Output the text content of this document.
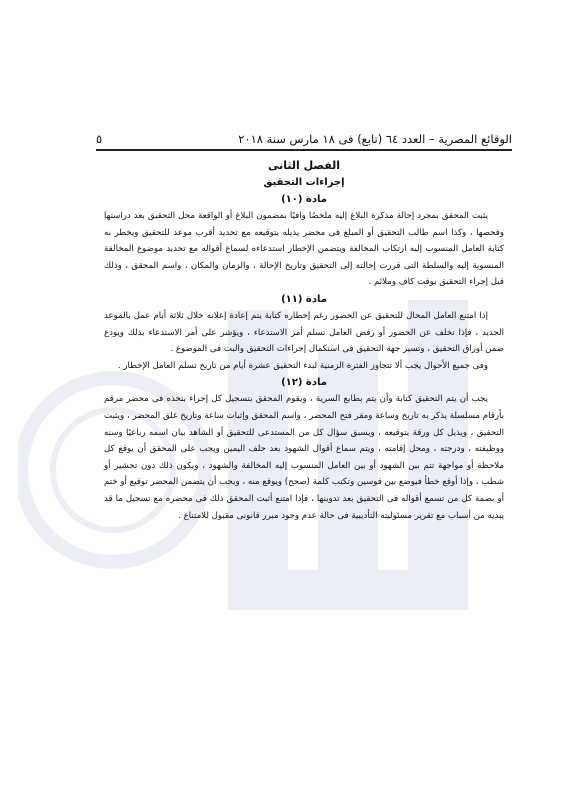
الوقائع المصرية – العدد ٦٤ (تابع) فى ١٨ مارس سنة ٢٠١٨
٥

الفصل الثانى

إجراءات التحقيق

مادة (١٠)

يثبت المحقق بمجرد إحالة مذكرة البلاغ إليه ملخصًا وافيًا بمضمون البلاغ أو الواقعة محل التحقيق بعد دراستها وفحصها ، وكذا اسم طالب التحقيق أو المبلغ فى محضر يذيله بتوقيعه مع تحديد أقرب موعد للتحقيق ويخطر به كتابة العامل المنسوب إليه ارتكاب المخالفة ويتضمن الإخطار استدعاءه لسماع أقواله مع تحديد موضوع المخالفة المنسوبة إليه والسلطة التى قررت إحالته إلى التحقيق وتاريخ الإحالة ، والزمان والمكان ، واسم المحقق ، وذلك قبل إجراء التحقيق بوقت كاف وملائم .

مادة (١١)

إذا امتنع العامل المحال للتحقيق عن الحضور رغم إخطاره كتابة يتم إعادة إعلانه خلال ثلاثة أيام عمل بالموعد الجديد ، فإذا تخلف عن الحضور أو رفض العامل تسلم أمر الاستدعاء ، ويؤشر على أمر الاستدعاء بذلك ويودع ضمن أوراق التحقيق ، وتسير جهة التحقيق فى استكمال إجراءات التحقيق والبت فى الموضوع .

وفى جميع الأحوال يجب ألا تتجاوز الفترة الزمنية لبدء التحقيق عشرة أيام من تاريخ تسلم العامل الإخطار .

مادة (١٢)

يجب أن يتم التحقيق كتابة وأن يتم بطابع السرية ، ويقوم المحقق بتسجيل كل إجراء يتخذه فى محضر مرقم بأرقام مسلسلة يذكر به تاريخ وساعة ومقر فتح المحضر ، واسم المحقق وإثبات ساعة وتاريخ غلق المحضر ، ويثبت التحقيق ، ويذيل كل ورقة بتوقيعه ، ويسبق سؤال كل من المستدعى للتحقيق أو الشاهد بيان اسمه رباعيًا وسنه ووظيفته ، ودرجته ، ومحل إقامته ، ويتم سماع أقوال الشهود بعد حلف اليمين ويجب على المحقق أن يوقع كل ملاحظة أو مواجهة تتم بين الشهود أو بين العامل المنسوب إليه المخالفة والشهود ، ويكون ذلك دون تحشير أو شطب ، وإذا أوقع خطأ فيوضع بين قوسين وتكتب كلمة (صحح) ويوقع منه ، ويجب أن يتضمن المحضر توقيع أو ختم أو بصمة كل من تسمع أقواله فى التحقيق بعد تدوينها ، فإذا امتنع أثبت المحقق ذلك فى محضره مع تسجيل ما قد يبديه من أسباب مع تقرير مسئوليته التأديبية فى حالة عدم وجود مبرر قانونى مقبول للامتناع .
